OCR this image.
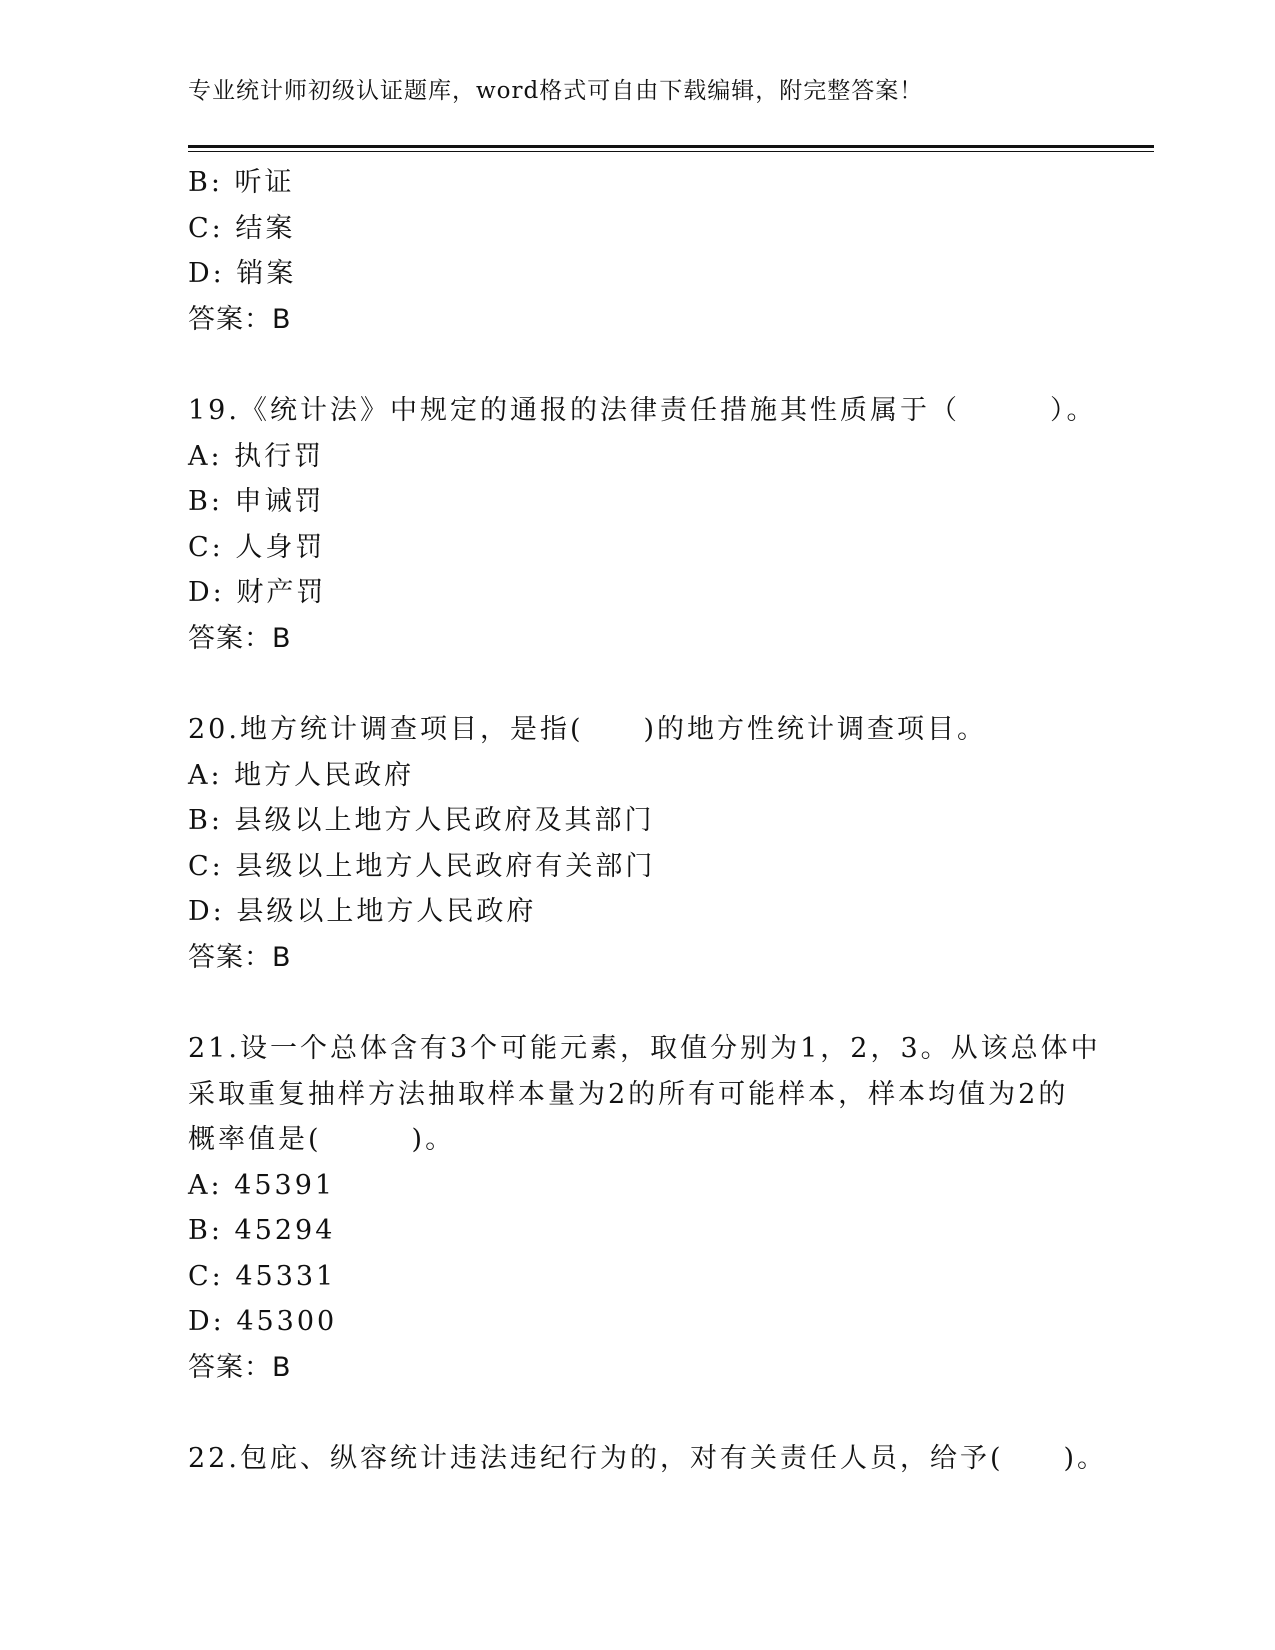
专业统计师初级认证题库，word格式可自由下载编辑，附完整答案！
B: 听证
C: 结案
D: 销案
答案：B
19.《统计法》中规定的通报的法律责任措施其性质属于（　　　）。
A: 执行罚
B: 申诫罚
C: 人身罚
D: 财产罚
答案：B
20.地方统计调查项目，是指(　　)的地方性统计调查项目。
A: 地方人民政府
B: 县级以上地方人民政府及其部门
C: 县级以上地方人民政府有关部门
D: 县级以上地方人民政府
答案：B
21.设一个总体含有3个可能元素，取值分别为1，2，3。从该总体中
采取重复抽样方法抽取样本量为2的所有可能样本，样本均值为2的
概率值是(　　　)。
A: 45391
B: 45294
C: 45331
D: 45300
答案：B
22.包庇、纵容统计违法违纪行为的，对有关责任人员，给予(　　)。
